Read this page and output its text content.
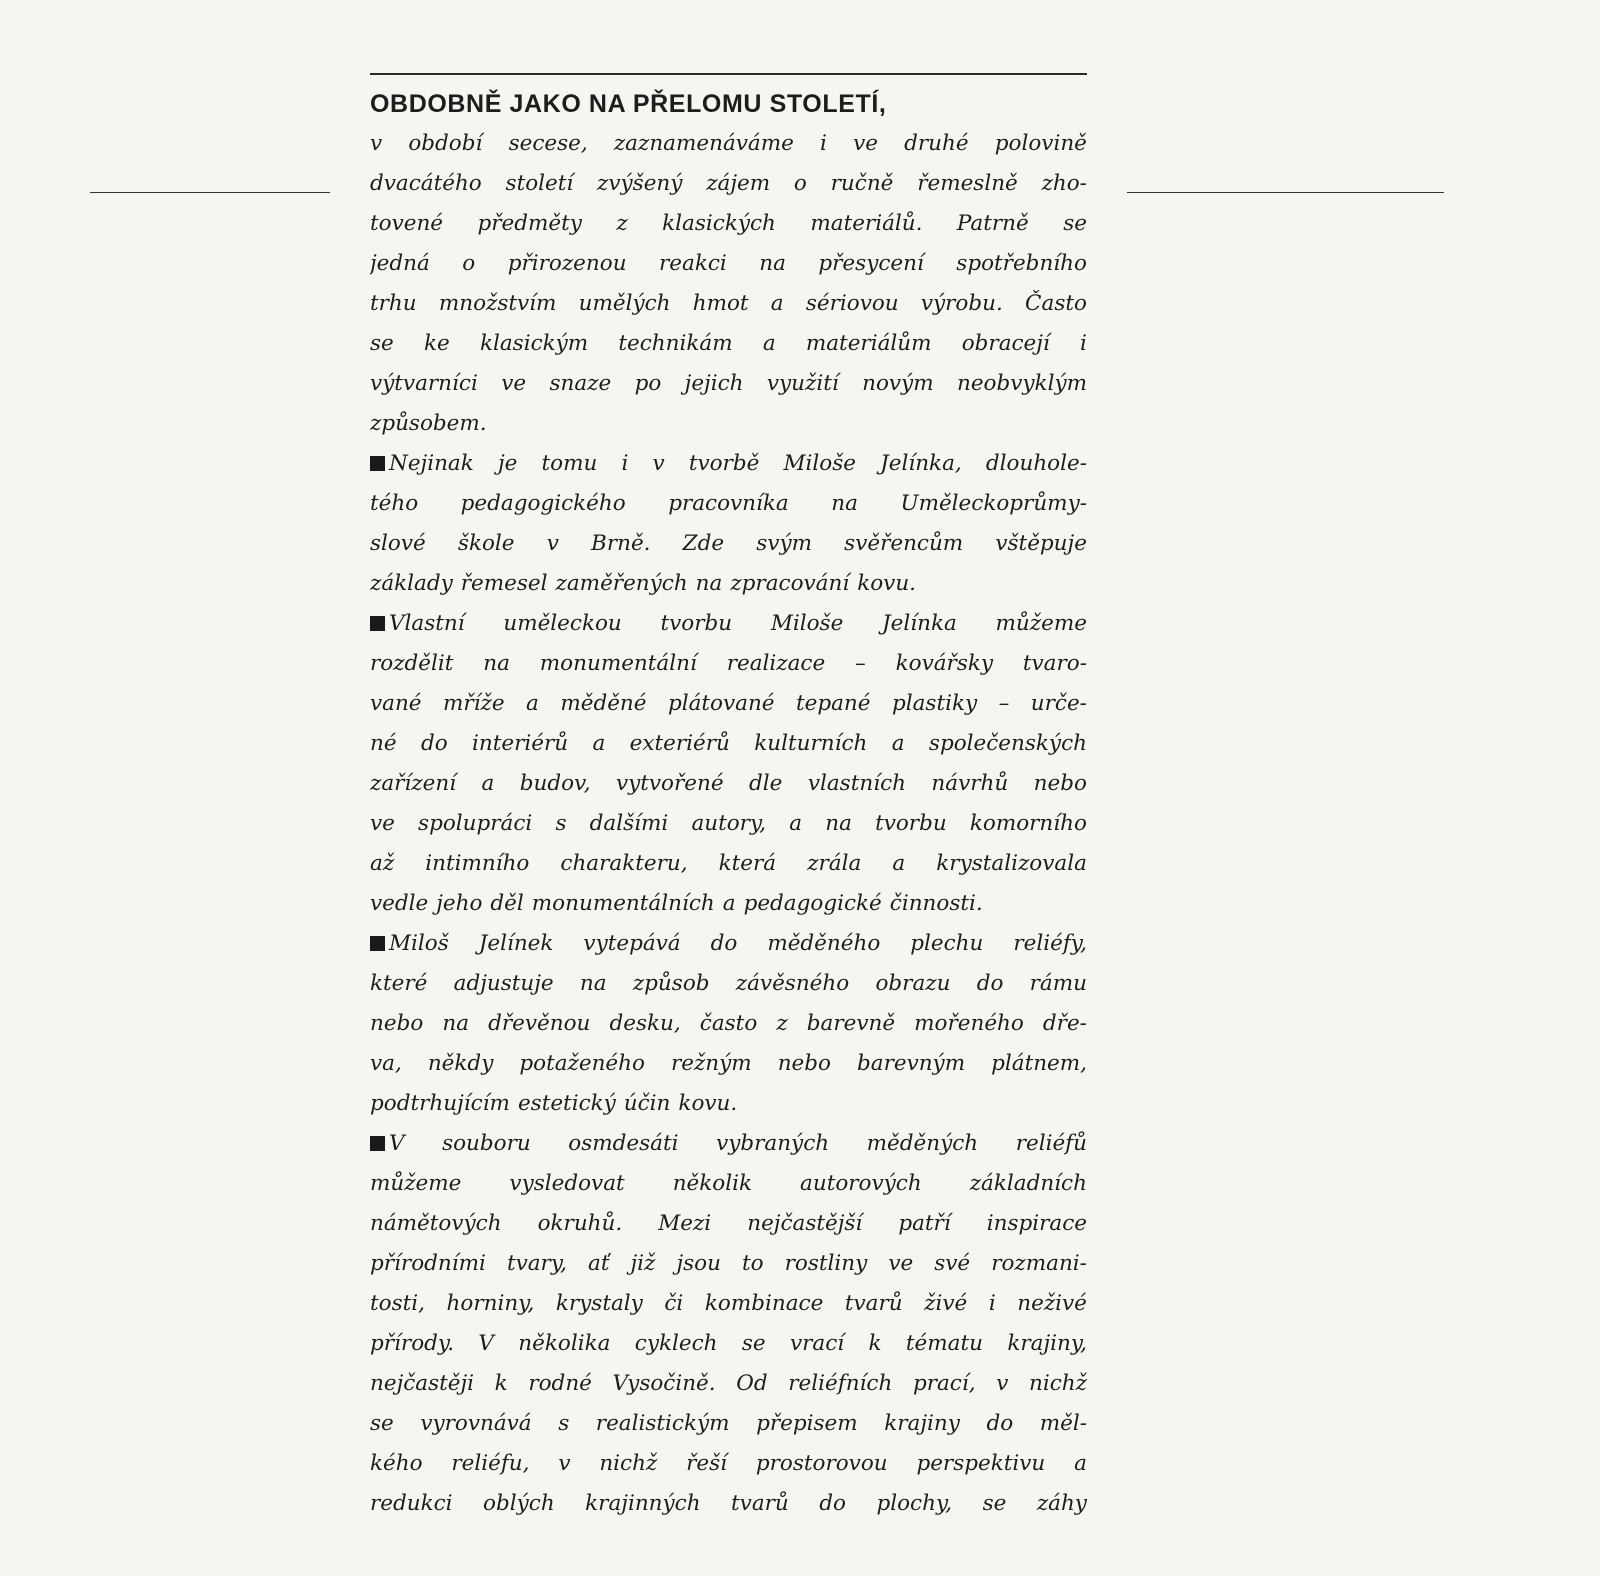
OBDOBNĚ JAKO NA PŘELOMU STOLETÍ,
v období secese, zaznamenáváme i ve druhé polovině
dvacátého století zvýšený zájem o ručně řemeslně zho-
tovené předměty z klasických materiálů. Patrně se
jedná o přirozenou reakci na přesycení spotřebního
trhu množstvím umělých hmot a sériovou výrobu. Často
se ke klasickým technikám a materiálům obracejí i
výtvarníci ve snaze po jejich využití novým neobvyklým
způsobem.
Nejinak je tomu i v tvorbě Miloše Jelínka, dlouhole-
tého pedagogického pracovníka na Uměleckoprůmy-
slové škole v Brně. Zde svým svěřencům vštěpuje
základy řemesel zaměřených na zpracování kovu.
Vlastní uměleckou tvorbu Miloše Jelínka můžeme
rozdělit na monumentální realizace – kovářsky tvaro-
vané mříže a měděné plátované tepané plastiky – urče-
né do interiérů a exteriérů kulturních a společenských
zařízení a budov, vytvořené dle vlastních návrhů nebo
ve spolupráci s dalšími autory, a na tvorbu komorního
až intimního charakteru, která zrála a krystalizovala
vedle jeho děl monumentálních a pedagogické činnosti.
Miloš Jelínek vytepává do měděného plechu reliéfy,
které adjustuje na způsob závěsného obrazu do rámu
nebo na dřevěnou desku, často z barevně mořeného dře-
va, někdy potaženého režným nebo barevným plátnem,
podtrhujícím estetický účin kovu.
V souboru osmdesáti vybraných měděných reliéfů
můžeme vysledovat několik autorových základních
námětových okruhů. Mezi nejčastější patří inspirace
přírodními tvary, ať již jsou to rostliny ve své rozmani-
tosti, horniny, krystaly či kombinace tvarů živé i neživé
přírody. V několika cyklech se vrací k tématu krajiny,
nejčastěji k rodné Vysočině. Od reliéfních prací, v nichž
se vyrovnává s realistickým přepisem krajiny do měl-
kého reliéfu, v nichž řeší prostorovou perspektivu a
redukci oblých krajinných tvarů do plochy, se záhy
